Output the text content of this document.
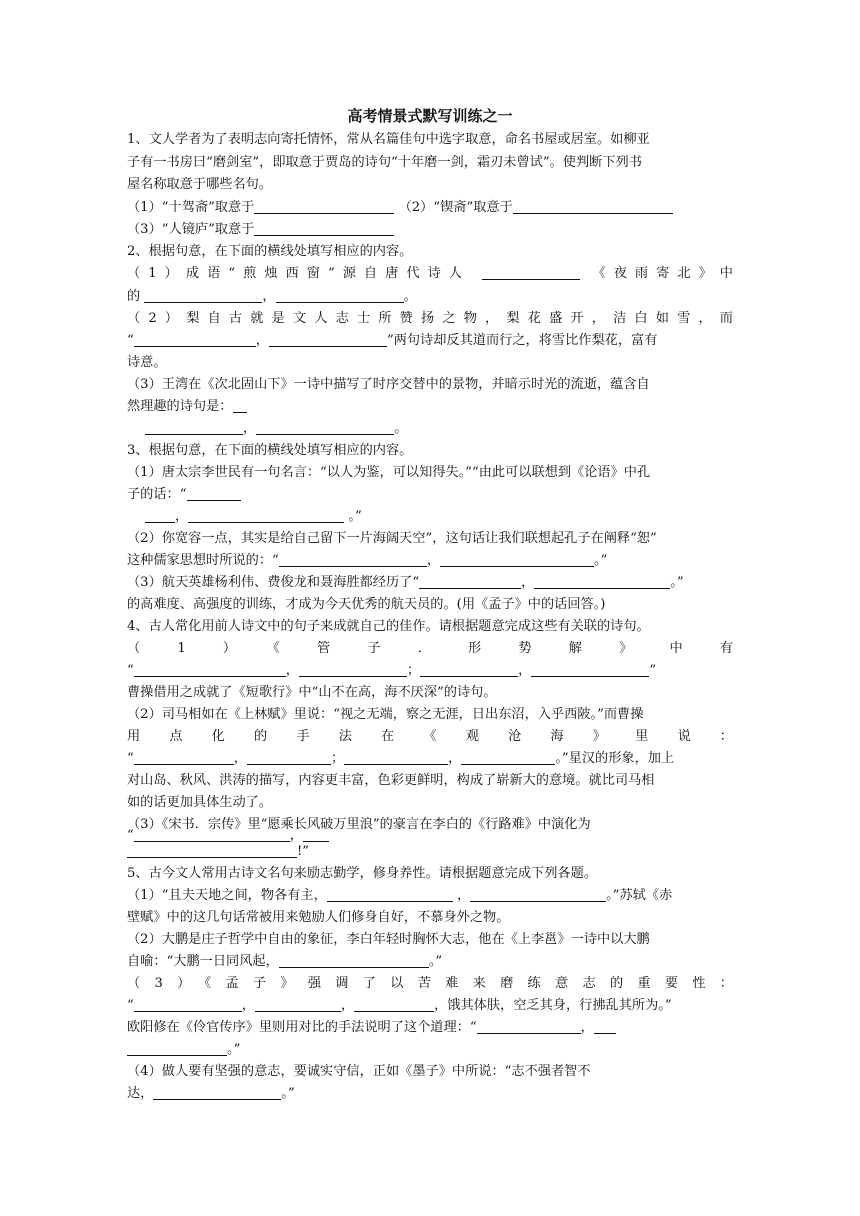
高考情景式默写训练之一
1、文人学者为了表明志向寄托情怀，常从名篇佳句中选字取意，命名书屋或居室。如柳亚
子有一书房曰“磨剑室”，即取意于贾岛的诗句“十年磨一剑，霜刃未曾试”。使判断下列书
屋名称取意于哪些名句。
（1）“十驾斋”取意于	（2）“锲斋”取意于
（3）“人镜庐”取意于
2、根据句意，在下面的横线处填写相应的内容。
（1）成语“煎烛西窗”源自唐代诗人	《夜雨寄北》中
的	，	。
（2）梨自古就是文人志士所赞扬之物，梨花盛开，洁白如雪，而
“	，	”两句诗却反其道而行之，将雪比作梨花，富有
诗意。
（3）王湾在《次北固山下》一诗中描写了时序交替中的景物，并暗示时光的流逝，蕴含自
然理趣的诗句是：
，	。
3、根据句意，在下面的横线处填写相应的内容。
（1）唐太宗李世民有一句名言：“以人为鉴，可以知得失。”“由此可以联想到《论语》中孔
子的话：“
，	。”
（2）你宽容一点，其实是给自己留下一片海阔天空”，这句话让我们联想起孔子在阐释“恕”
这种儒家思想时所说的：“	，	。”
（3）航天英雄杨利伟、费俊龙和聂海胜都经历了“	，	。”
的高难度、高强度的训练，才成为今天优秀的航天员的。(用《孟子》中的话回答。)
4、古人常化用前人诗文中的句子来成就自己的佳作。请根据题意完成这些有关联的诗句。
（1）《管子．形势解》中有
“	，	；	，	”
曹操借用之成就了《短歌行》中“山不在高，海不厌深”的诗句。
（2）司马相如在《上林赋》里说：“视之无端，察之无涯，日出东沼，入乎西陂。”而曹操
用点化的手法在《观沧海》里说：
“	，	；	，	。”星汉的形象，加上
对山岛、秋风、洪涛的描写，内容更丰富，色彩更鲜明，构成了崭新大的意境。就比司马相
如的话更加具体生动了。
（3）《宋书．宗传》里“愿乘长风破万里浪”的豪言在李白的《行路难》中演化为
“	，
!”
5、古今文人常用古诗文名句来励志勤学，修身养性。请根据题意完成下列各题。
（1）“且夫天地之间，物各有主，	，	。”苏轼《赤
壁赋》中的这几句话常被用来勉励人们修身自好，不慕身外之物。
（2）大鹏是庄子哲学中自由的象征，李白年轻时胸怀大志，他在《上李邕》一诗中以大鹏
自喻：“大鹏一日同风起，	。”
（3）《孟子》强调了以苦难来磨练意志的重要性：
“	，	，	，饿其体肤，空乏其身，行拂乱其所为。”
欧阳修在《伶官传序》里则用对比的手法说明了这个道理：“	，
。”
（4）做人要有坚强的意志，要诚实守信，正如《墨子》中所说：“志不强者智不
达，	。”
